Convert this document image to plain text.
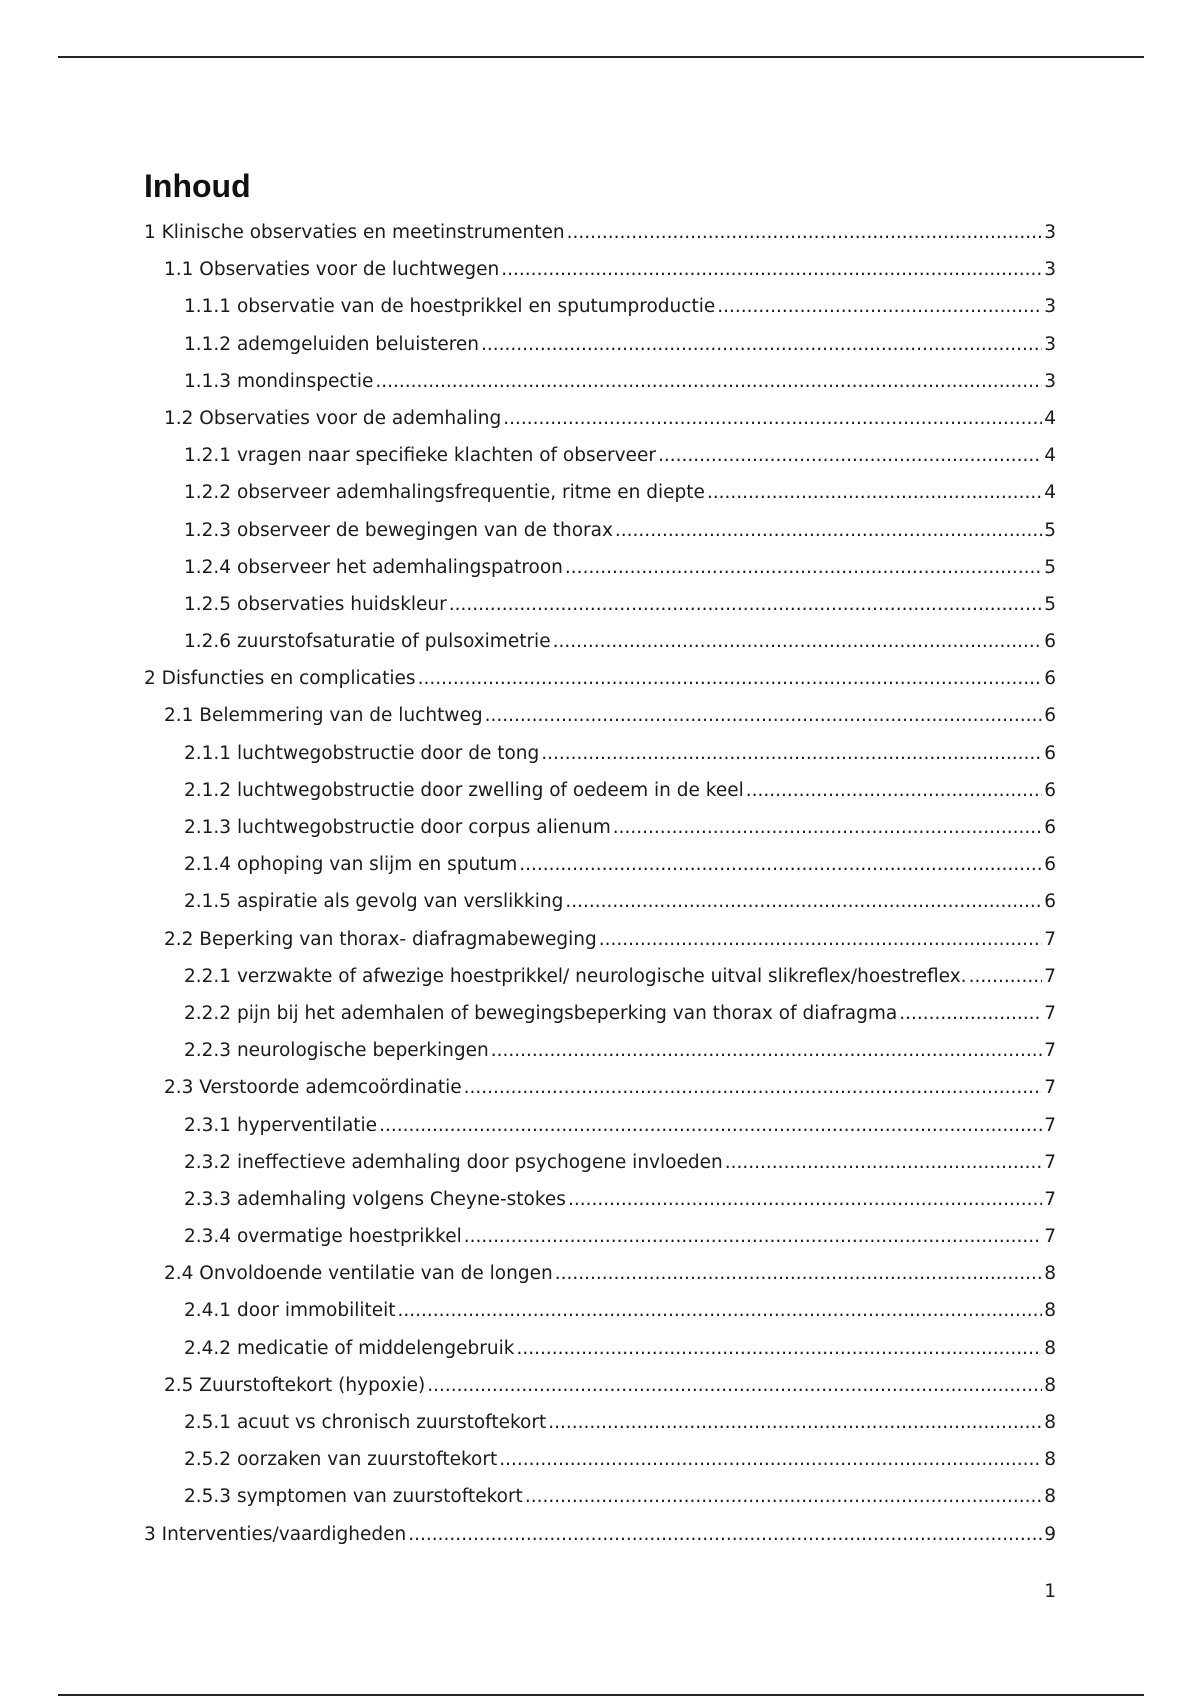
Inhoud
1 Klinische observaties en meetinstrumenten .....	3
1.1 Observaties voor de luchtwegen .....	3
1.1.1 observatie van de hoestprikkel en sputumproductie .....	3
1.1.2 ademgeluiden beluisteren .....	3
1.1.3 mondinspectie .....	3
1.2 Observaties voor de ademhaling .....	4
1.2.1 vragen naar specifieke klachten of observeer .....	4
1.2.2 observeer ademhalingsfrequentie, ritme en diepte .....	4
1.2.3 observeer de bewegingen van de thorax .....	5
1.2.4 observeer het ademhalingspatroon .....	5
1.2.5 observaties huidskleur .....	5
1.2.6 zuurstofsaturatie of pulsoximetrie .....	6
2 Disfuncties en complicaties .....	6
2.1 Belemmering van de luchtweg .....	6
2.1.1 luchtwegobstructie door de tong .....	6
2.1.2 luchtwegobstructie door zwelling of oedeem in de keel .....	6
2.1.3 luchtwegobstructie door corpus alienum .....	6
2.1.4 ophoping van slijm en sputum .....	6
2.1.5 aspiratie als gevolg van verslikking .....	6
2.2 Beperking van thorax- diafragmabeweging .....	7
2.2.1 verzwakte of afwezige hoestprikkel/ neurologische uitval slikreflex/hoestreflex. .....	7
2.2.2 pijn bij het ademhalen of bewegingsbeperking van thorax of diafragma .....	7
2.2.3 neurologische beperkingen .....	7
2.3 Verstoorde ademcoördinatie .....	7
2.3.1 hyperventilatie .....	7
2.3.2 ineffectieve ademhaling door psychogene invloeden .....	7
2.3.3 ademhaling volgens Cheyne-stokes .....	7
2.3.4 overmatige hoestprikkel .....	7
2.4 Onvoldoende ventilatie van de longen .....	8
2.4.1 door immobiliteit .....	8
2.4.2 medicatie of middelengebruik .....	8
2.5 Zuurstoftekort (hypoxie) .....	8
2.5.1 acuut vs chronisch zuurstoftekort .....	8
2.5.2 oorzaken van zuurstoftekort .....	8
2.5.3 symptomen van zuurstoftekort .....	8
3 Interventies/vaardigheden .....	9
1
